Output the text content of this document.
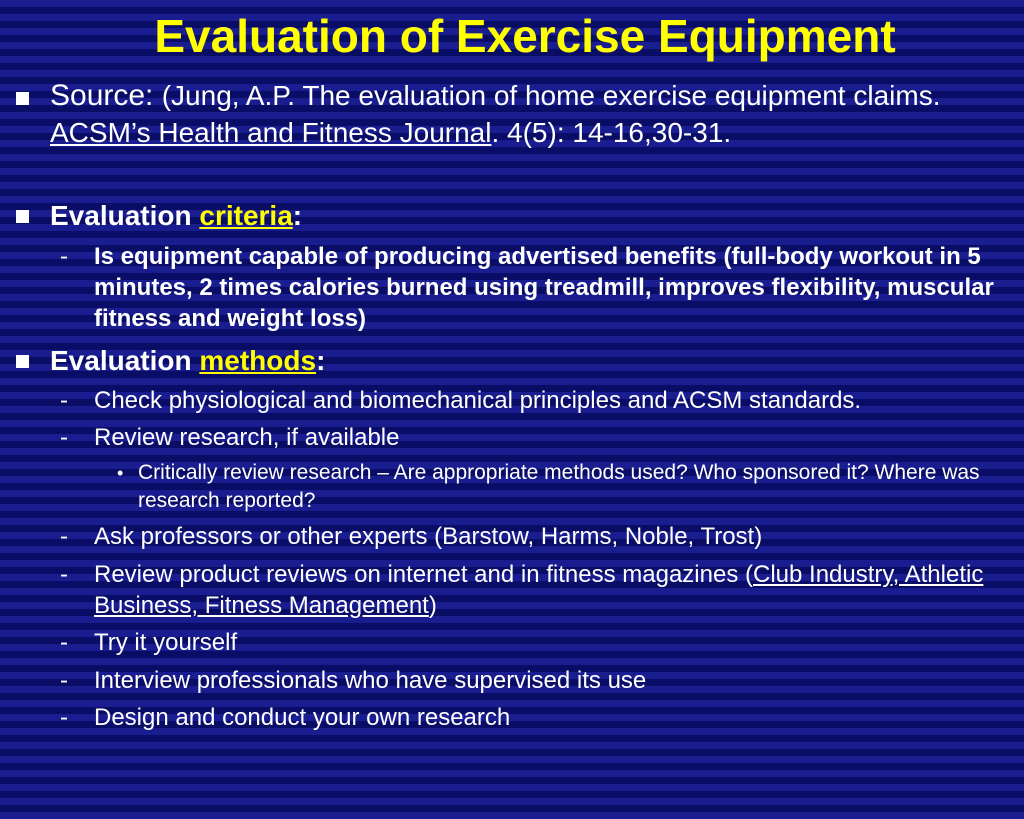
Evaluation of Exercise Equipment
Source: (Jung, A.P. The evaluation of home exercise equipment claims. ACSM’s Health and Fitness Journal. 4(5): 14-16,30-31.
Evaluation criteria:
- Is equipment capable of producing advertised benefits (full-body workout in 5 minutes, 2 times calories burned using treadmill, improves flexibility, muscular fitness and weight loss)
Evaluation methods:
- Check physiological and biomechanical principles and ACSM standards.
- Review research, if available
• Critically review research – Are appropriate methods used? Who sponsored it? Where was research reported?
- Ask professors or other experts (Barstow, Harms, Noble, Trost)
- Review product reviews on internet and in fitness magazines (Club Industry, Athletic Business, Fitness Management)
- Try it yourself
- Interview professionals who have supervised its use
- Design and conduct your own research
